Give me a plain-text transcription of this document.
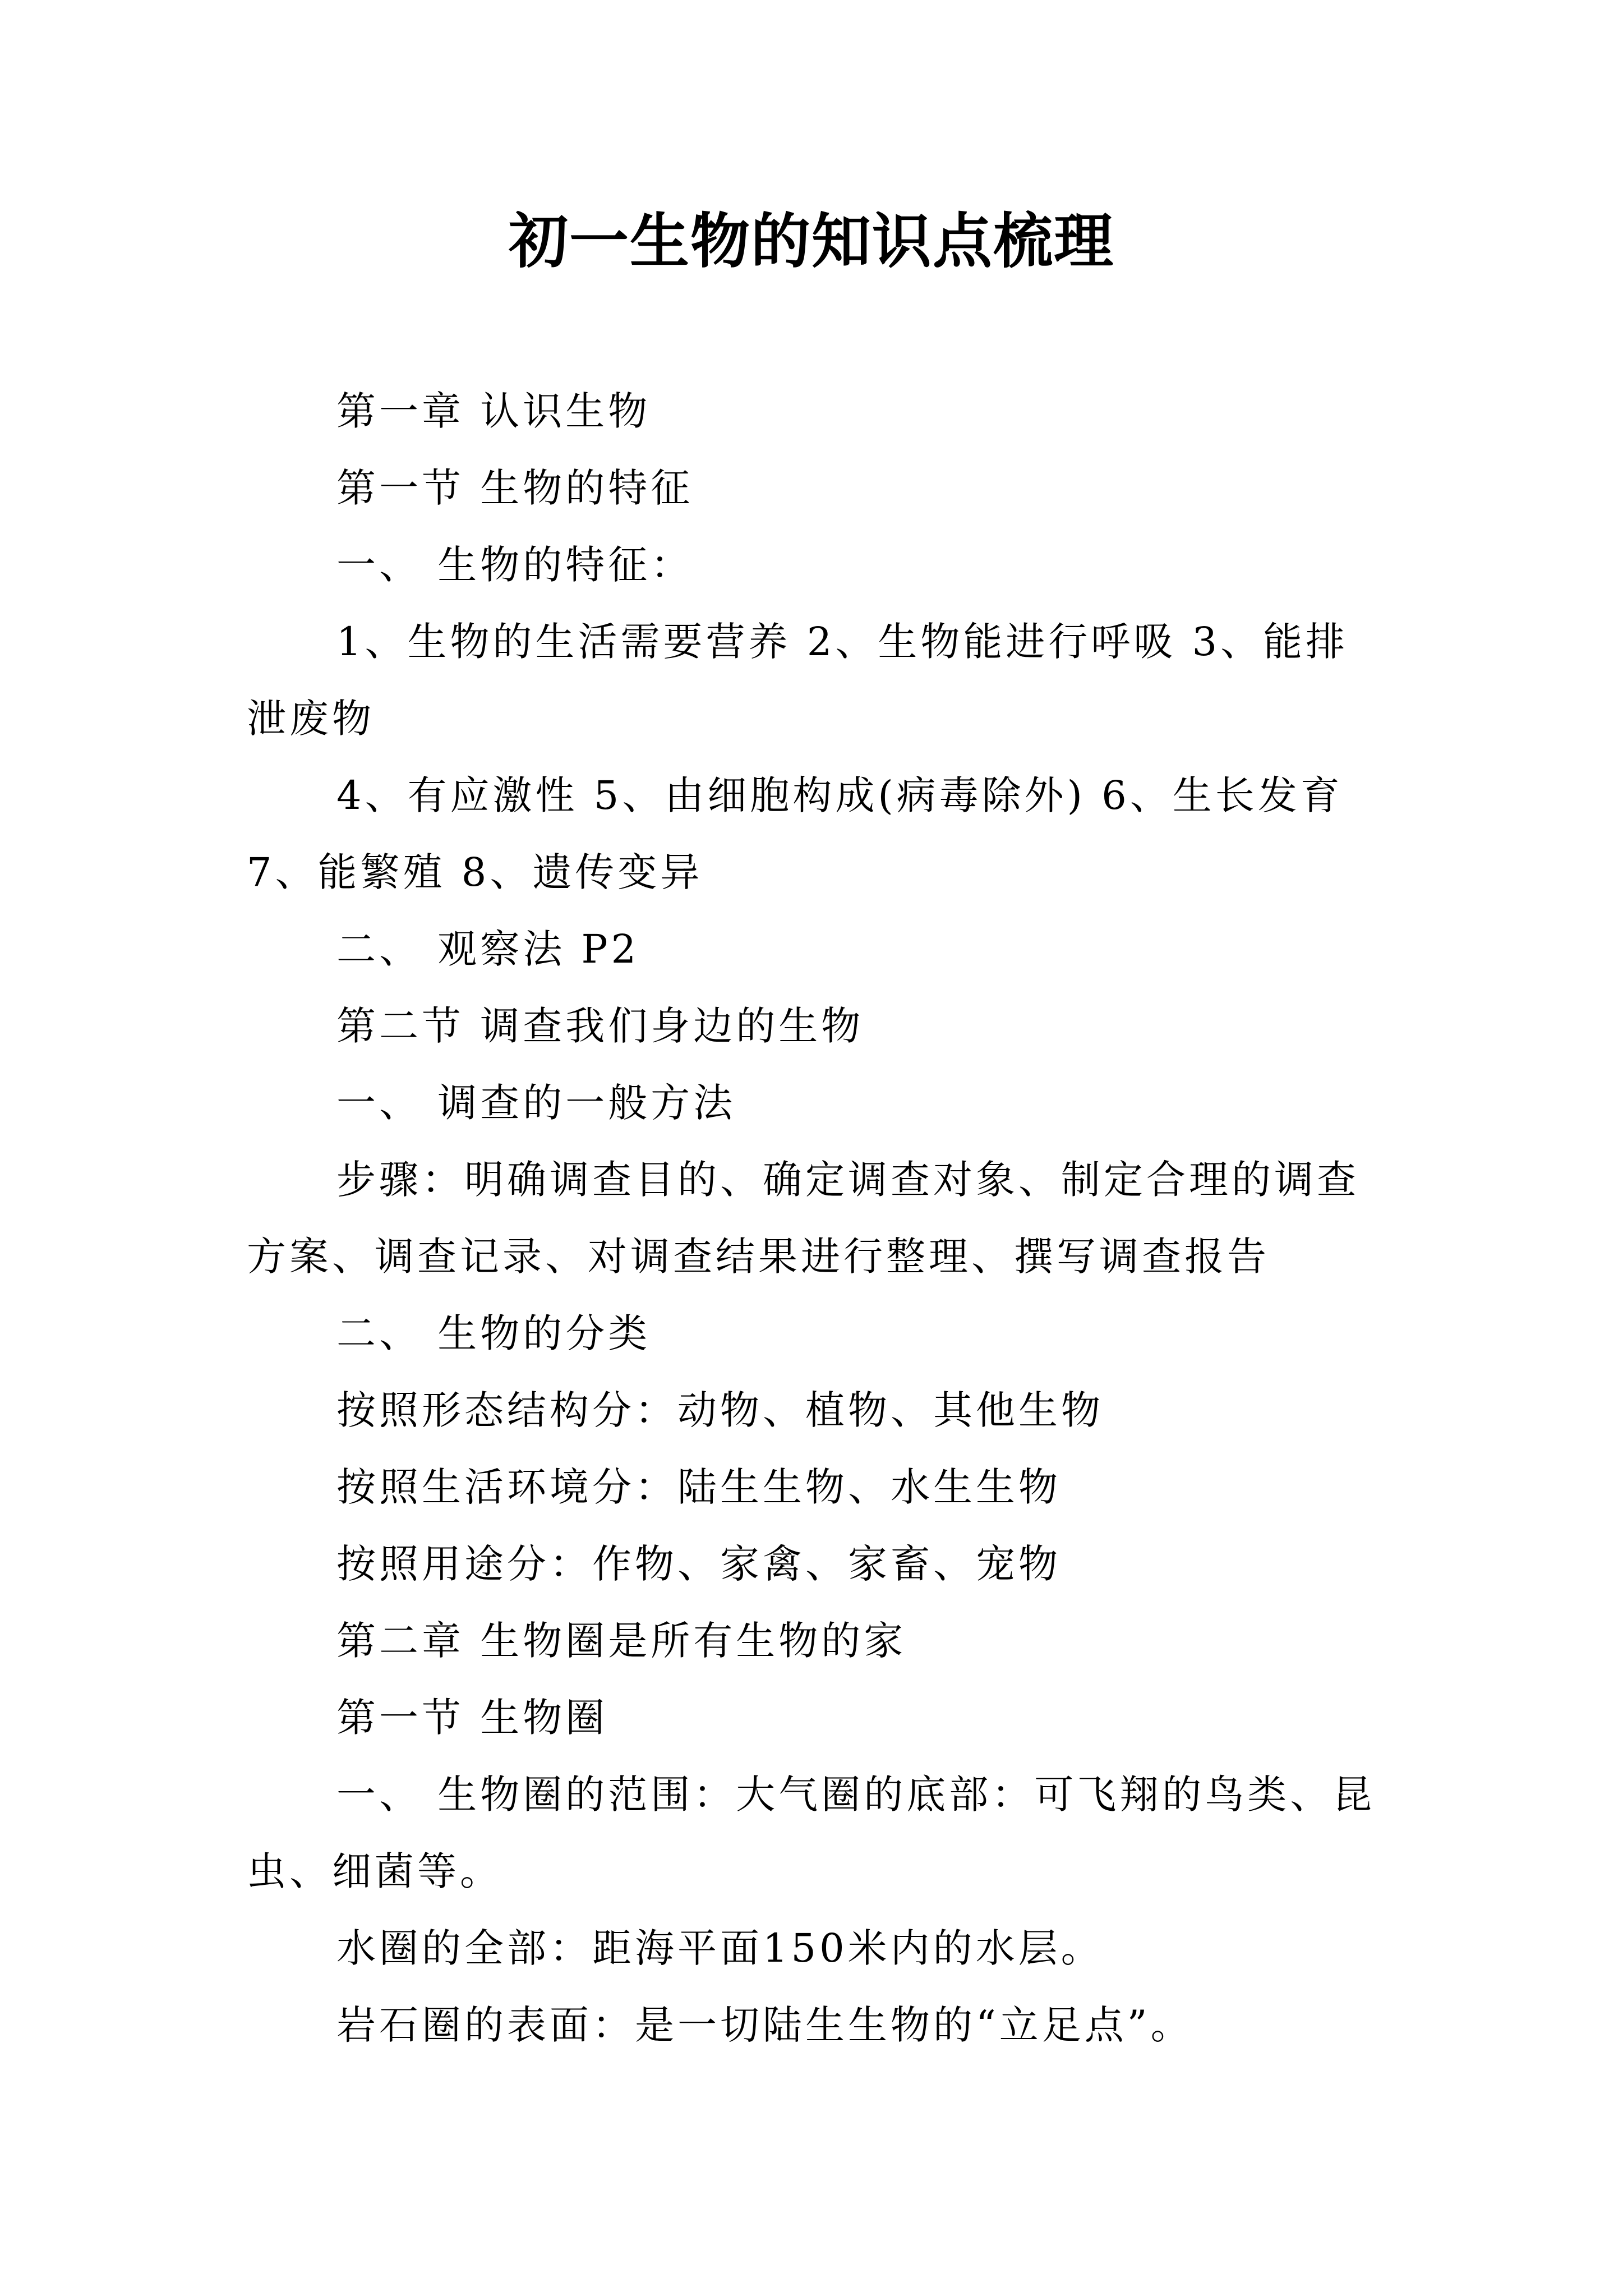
初一生物的知识点梳理

第一章 认识生物

第一节 生物的特征

一、 生物的特征：

1、生物的生活需要营养 2、生物能进行呼吸 3、能排泄废物

4、有应激性 5、由细胞构成(病毒除外) 6、生长发育 7、能繁殖 8、遗传变异

二、 观察法 P2

第二节 调查我们身边的生物

一、 调查的一般方法

步骤：明确调查目的、确定调查对象、制定合理的调查方案、调查记录、对调查结果进行整理、撰写调查报告

二、 生物的分类

按照形态结构分：动物、植物、其他生物

按照生活环境分：陆生生物、水生生物

按照用途分：作物、家禽、家畜、宠物

第二章 生物圈是所有生物的家

第一节 生物圈

一、 生物圈的范围：大气圈的底部：可飞翔的鸟类、昆虫、细菌等。

水圈的全部：距海平面150米内的水层。

岩石圈的表面：是一切陆生生物的“立足点”。
